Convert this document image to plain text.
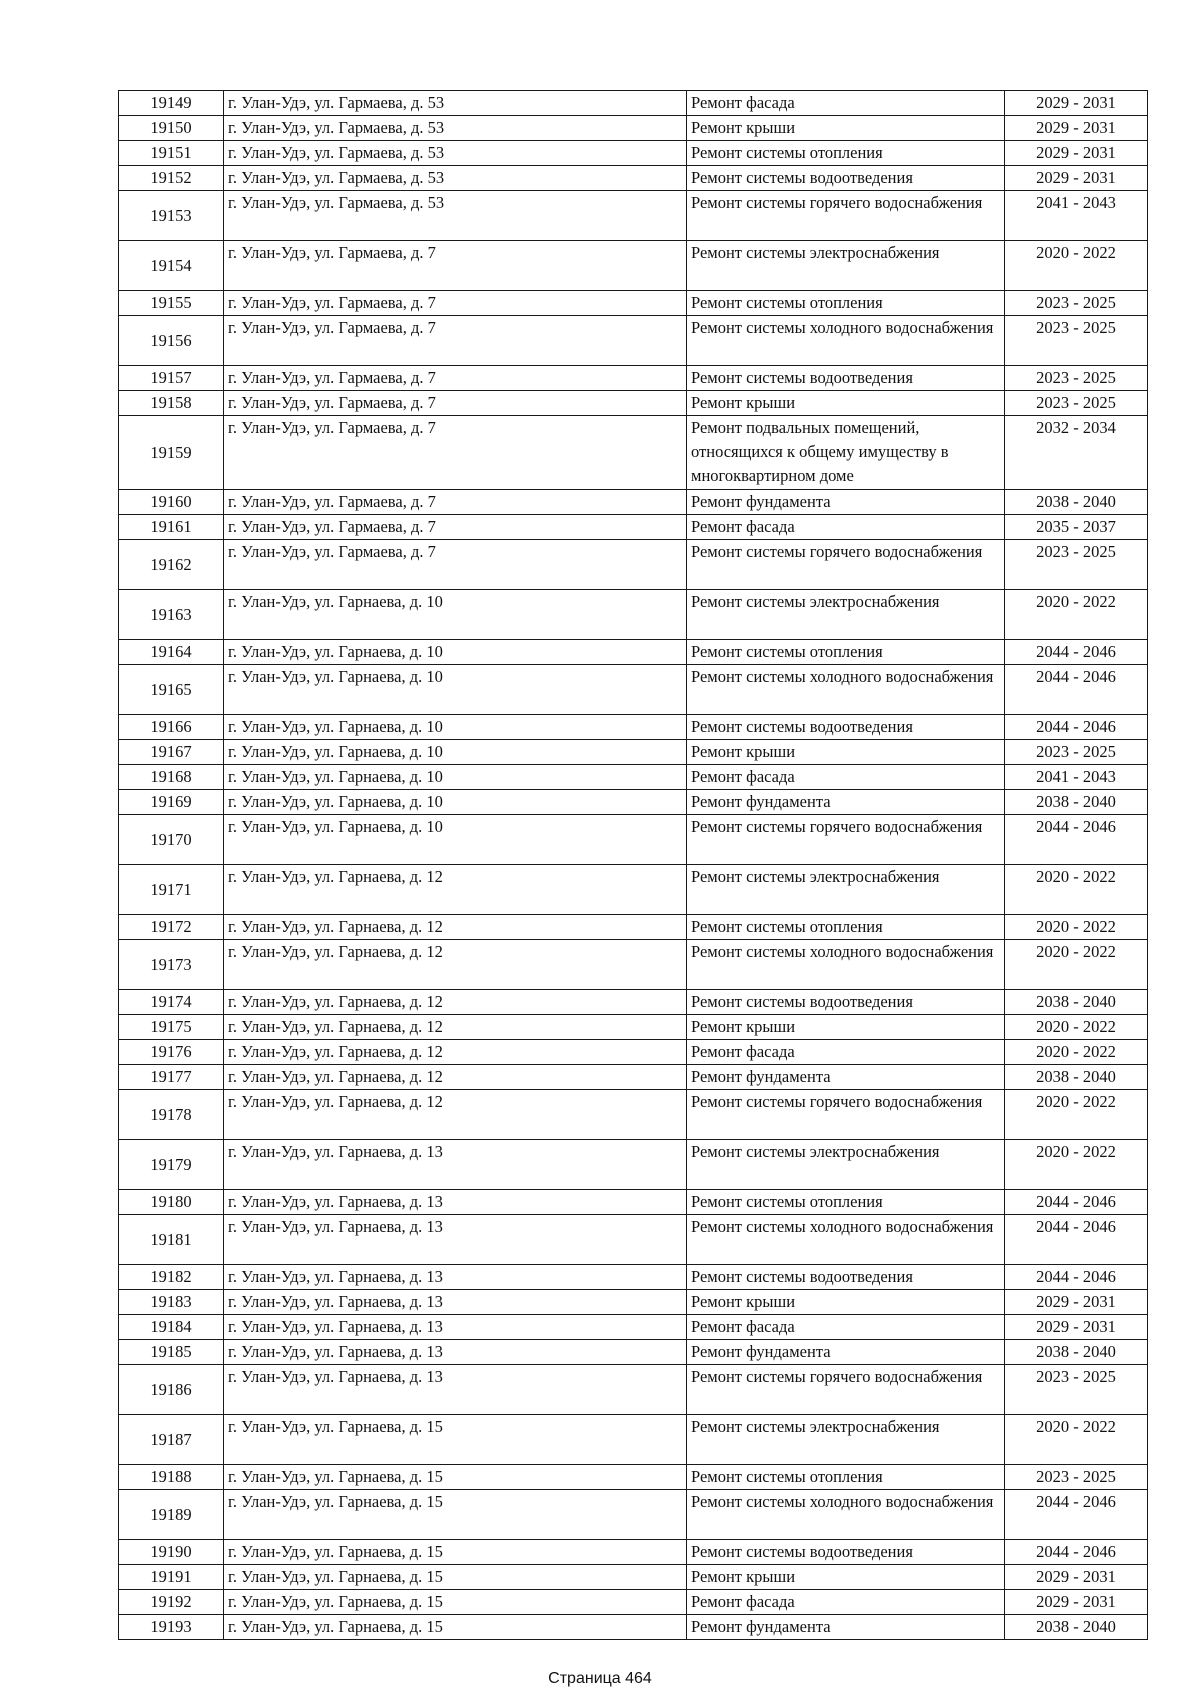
19149	г. Улан-Удэ, ул. Гармаева, д. 53	Ремонт фасада	2029 - 2031
19150	г. Улан-Удэ, ул. Гармаева, д. 53	Ремонт крыши	2029 - 2031
19151	г. Улан-Удэ, ул. Гармаева, д. 53	Ремонт системы отопления	2029 - 2031
19152	г. Улан-Удэ, ул. Гармаева, д. 53	Ремонт системы водоотведения	2029 - 2031
19153	г. Улан-Удэ, ул. Гармаева, д. 53	Ремонт системы горячего водоснабжения	2041 - 2043
19154	г. Улан-Удэ, ул. Гармаева, д. 7	Ремонт системы электроснабжения	2020 - 2022
19155	г. Улан-Удэ, ул. Гармаева, д. 7	Ремонт системы отопления	2023 - 2025
19156	г. Улан-Удэ, ул. Гармаева, д. 7	Ремонт системы холодного водоснабжения	2023 - 2025
19157	г. Улан-Удэ, ул. Гармаева, д. 7	Ремонт системы водоотведения	2023 - 2025
19158	г. Улан-Удэ, ул. Гармаева, д. 7	Ремонт крыши	2023 - 2025
19159	г. Улан-Удэ, ул. Гармаева, д. 7	Ремонт подвальных помещений, относящихся к общему имуществу в многоквартирном доме	2032 - 2034
19160	г. Улан-Удэ, ул. Гармаева, д. 7	Ремонт фундамента	2038 - 2040
19161	г. Улан-Удэ, ул. Гармаева, д. 7	Ремонт фасада	2035 - 2037
19162	г. Улан-Удэ, ул. Гармаева, д. 7	Ремонт системы горячего водоснабжения	2023 - 2025
19163	г. Улан-Удэ, ул. Гарнаева, д. 10	Ремонт системы электроснабжения	2020 - 2022
19164	г. Улан-Удэ, ул. Гарнаева, д. 10	Ремонт системы отопления	2044 - 2046
19165	г. Улан-Удэ, ул. Гарнаева, д. 10	Ремонт системы холодного водоснабжения	2044 - 2046
19166	г. Улан-Удэ, ул. Гарнаева, д. 10	Ремонт системы водоотведения	2044 - 2046
19167	г. Улан-Удэ, ул. Гарнаева, д. 10	Ремонт крыши	2023 - 2025
19168	г. Улан-Удэ, ул. Гарнаева, д. 10	Ремонт фасада	2041 - 2043
19169	г. Улан-Удэ, ул. Гарнаева, д. 10	Ремонт фундамента	2038 - 2040
19170	г. Улан-Удэ, ул. Гарнаева, д. 10	Ремонт системы горячего водоснабжения	2044 - 2046
19171	г. Улан-Удэ, ул. Гарнаева, д. 12	Ремонт системы электроснабжения	2020 - 2022
19172	г. Улан-Удэ, ул. Гарнаева, д. 12	Ремонт системы отопления	2020 - 2022
19173	г. Улан-Удэ, ул. Гарнаева, д. 12	Ремонт системы холодного водоснабжения	2020 - 2022
19174	г. Улан-Удэ, ул. Гарнаева, д. 12	Ремонт системы водоотведения	2038 - 2040
19175	г. Улан-Удэ, ул. Гарнаева, д. 12	Ремонт крыши	2020 - 2022
19176	г. Улан-Удэ, ул. Гарнаева, д. 12	Ремонт фасада	2020 - 2022
19177	г. Улан-Удэ, ул. Гарнаева, д. 12	Ремонт фундамента	2038 - 2040
19178	г. Улан-Удэ, ул. Гарнаева, д. 12	Ремонт системы горячего водоснабжения	2020 - 2022
19179	г. Улан-Удэ, ул. Гарнаева, д. 13	Ремонт системы электроснабжения	2020 - 2022
19180	г. Улан-Удэ, ул. Гарнаева, д. 13	Ремонт системы отопления	2044 - 2046
19181	г. Улан-Удэ, ул. Гарнаева, д. 13	Ремонт системы холодного водоснабжения	2044 - 2046
19182	г. Улан-Удэ, ул. Гарнаева, д. 13	Ремонт системы водоотведения	2044 - 2046
19183	г. Улан-Удэ, ул. Гарнаева, д. 13	Ремонт крыши	2029 - 2031
19184	г. Улан-Удэ, ул. Гарнаева, д. 13	Ремонт фасада	2029 - 2031
19185	г. Улан-Удэ, ул. Гарнаева, д. 13	Ремонт фундамента	2038 - 2040
19186	г. Улан-Удэ, ул. Гарнаева, д. 13	Ремонт системы горячего водоснабжения	2023 - 2025
19187	г. Улан-Удэ, ул. Гарнаева, д. 15	Ремонт системы электроснабжения	2020 - 2022
19188	г. Улан-Удэ, ул. Гарнаева, д. 15	Ремонт системы отопления	2023 - 2025
19189	г. Улан-Удэ, ул. Гарнаева, д. 15	Ремонт системы холодного водоснабжения	2044 - 2046
19190	г. Улан-Удэ, ул. Гарнаева, д. 15	Ремонт системы водоотведения	2044 - 2046
19191	г. Улан-Удэ, ул. Гарнаева, д. 15	Ремонт крыши	2029 - 2031
19192	г. Улан-Удэ, ул. Гарнаева, д. 15	Ремонт фасада	2029 - 2031
19193	г. Улан-Удэ, ул. Гарнаева, д. 15	Ремонт фундамента	2038 - 2040
Страница 464
